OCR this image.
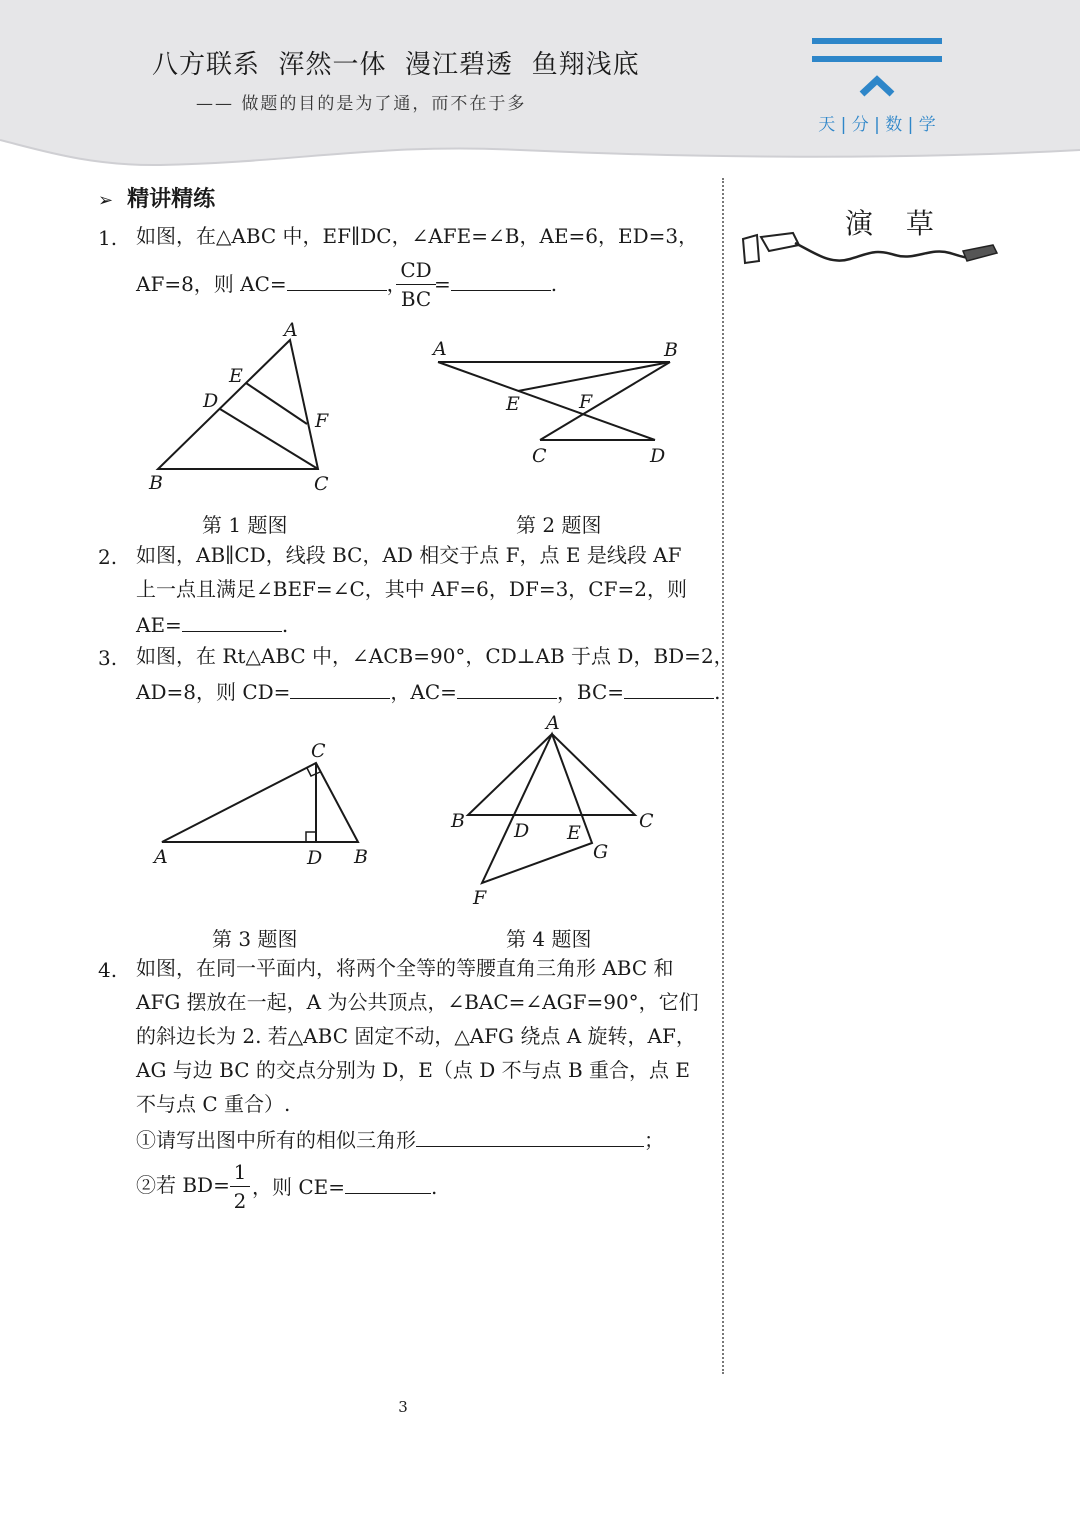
八方联系  浑然一体  漫江碧透  鱼翔浅底
—— 做题的目的是为了通，而不在于多
天 | 分 | 数 | 学
➢ 精讲精练
演 草
1. 如图，在△ABC 中，EF∥DC，∠AFE=∠B，AE=6，ED=3，
AF=8，则 AC=	，
CD
BC
=	.
A
E
D
F
B	C
A	B
E	F
C	D
第 1 题图	第 2 题图
2. 如图，AB∥CD，线段 BC，AD 相交于点 F，点 E 是线段 AF
上一点且满足∠BEF=∠C，其中 AF=6，DF=3，CF=2，则
AE=	.
3. 如图，在 Rt△ABC 中，∠ACB=90°，CD⊥AB 于点 D，BD=2，
AD=8，则 CD=	，AC=	，BC=	.
C
A	D B
A
B	C
D E
G
F
第 3 题图	第 4 题图
4. 如图，在同一平面内，将两个全等的等腰直角三角形 ABC 和
AFG 摆放在一起，A 为公共顶点，∠BAC=∠AGF=90°，它们
的斜边长为 2. 若△ABC 固定不动，△AFG 绕点 A 旋转，AF，
AG 与边 BC 的交点分别为 D，E（点 D 不与点 B 重合，点 E
不与点 C 重合）.
①请写出图中所有的相似三角形	；
②若 BD=
1
2
，则 CE=	.
3
